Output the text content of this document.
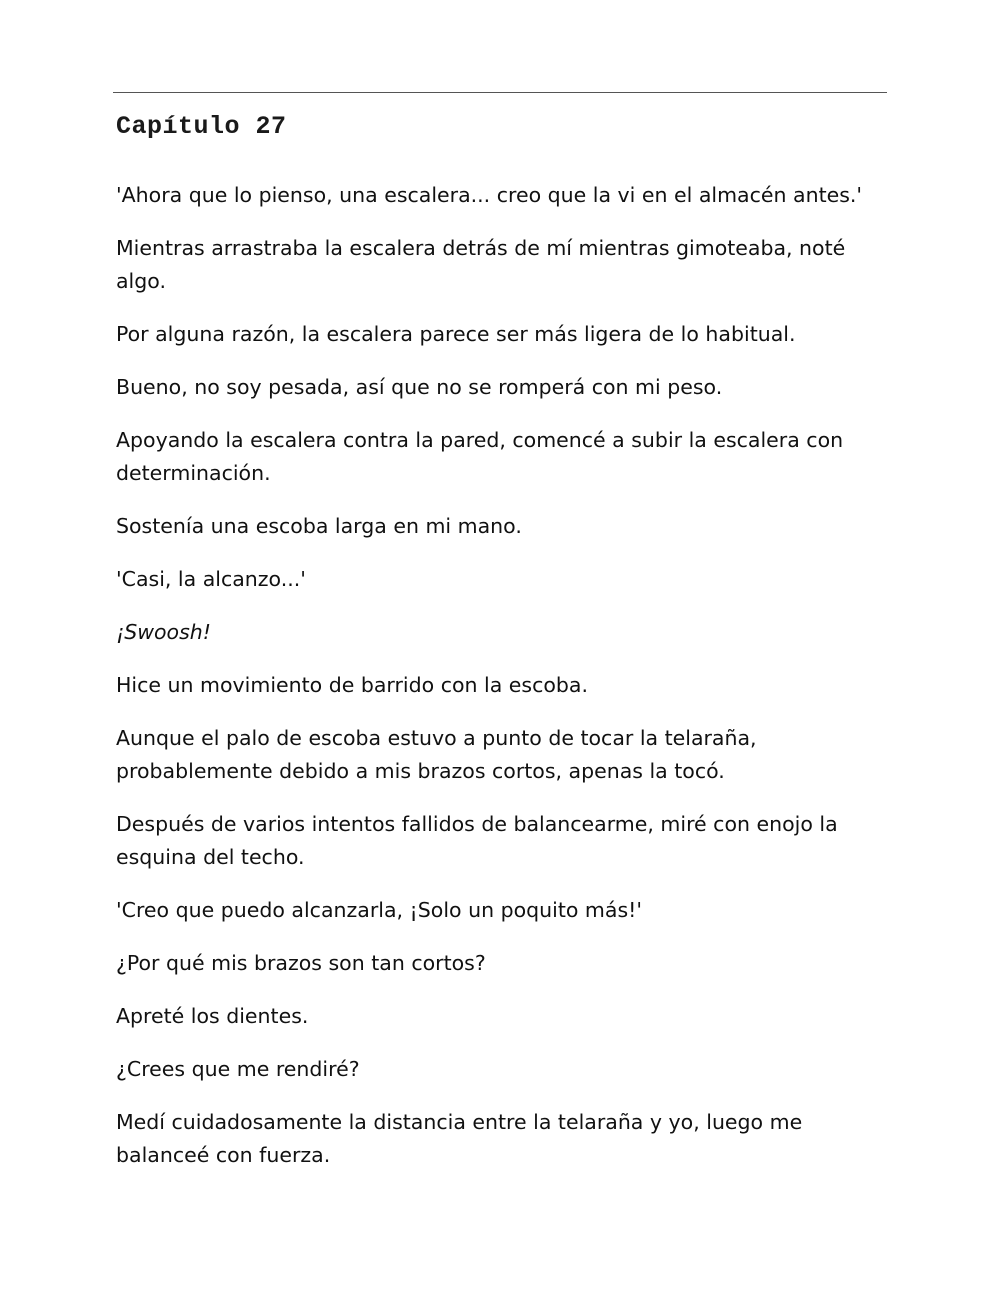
Capítulo 27

'Ahora que lo pienso, una escalera... creo que la vi en el almacén antes.'

Mientras arrastraba la escalera detrás de mí mientras gimoteaba, noté algo.

Por alguna razón, la escalera parece ser más ligera de lo habitual.

Bueno, no soy pesada, así que no se romperá con mi peso.

Apoyando la escalera contra la pared, comencé a subir la escalera con determinación.

Sostenía una escoba larga en mi mano.

'Casi, la alcanzo...'

¡Swoosh!

Hice un movimiento de barrido con la escoba.

Aunque el palo de escoba estuvo a punto de tocar la telaraña, probablemente debido a mis brazos cortos, apenas la tocó.

Después de varios intentos fallidos de balancearme, miré con enojo la esquina del techo.

'Creo que puedo alcanzarla, ¡Solo un poquito más!'

¿Por qué mis brazos son tan cortos?

Apreté los dientes.

¿Crees que me rendiré?

Medí cuidadosamente la distancia entre la telaraña y yo, luego me balanceé con fuerza.
